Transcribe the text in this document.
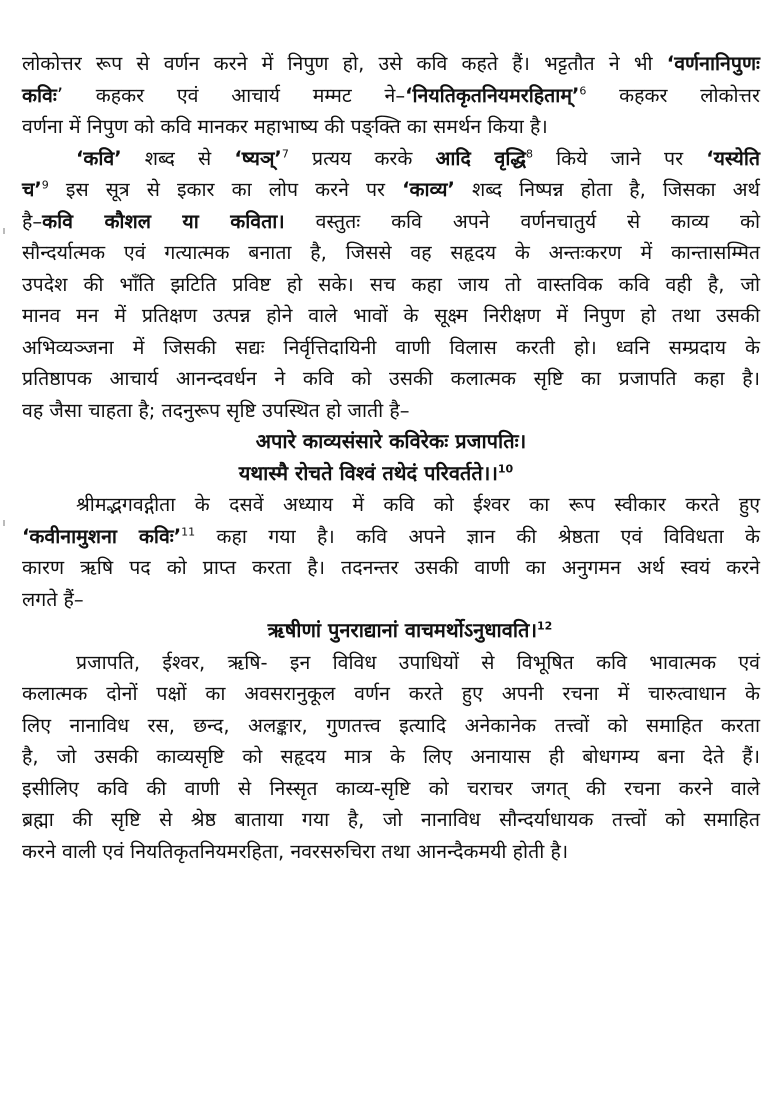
लोकोत्तर रूप से वर्णन करने में निपुण हो, उसे कवि कहते हैं। भट्टतौत ने भी ‘वर्णनानिपुणः

कविः’ कहकर एवं आचार्य मम्मट ने–‘नियतिकृतनियमरहिताम्’$^6$ कहकर लोकोत्तर

वर्णना में निपुण को कवि मानकर महाभाष्य की पङ्क्ति का समर्थन किया है।

‘कवि’ शब्द से ‘ष्यञ्’$^7$ प्रत्यय करके आदि वृद्धि$^8$ किये जाने पर ‘यस्येति

च’$^9$ इस सूत्र से इकार का लोप करने पर ‘काव्य’ शब्द निष्पन्न होता है, जिसका अर्थ

है–कवि कौशल या कविता। वस्तुतः कवि अपने वर्णनचातुर्य से काव्य को

सौन्दर्यात्मक एवं गत्यात्मक बनाता है, जिससे वह सहृदय के अन्तःकरण में कान्तासम्मित

उपदेश की भाँति झटिति प्रविष्ट हो सके। सच कहा जाय तो वास्तविक कवि वही है, जो

मानव मन में प्रतिक्षण उत्पन्न होने वाले भावों के सूक्ष्म निरीक्षण में निपुण हो तथा उसकी

अभिव्यञ्जना में जिसकी सद्यः निर्वृत्तिदायिनी वाणी विलास करती हो। ध्वनि सम्प्रदाय के

प्रतिष्ठापक आचार्य आनन्दवर्धन ने कवि को उसकी कलात्मक सृष्टि का प्रजापति कहा है।

वह जैसा चाहता है; तदनुरूप सृष्टि उपस्थित हो जाती है–

अपारे काव्यसंसारे कविरेकः प्रजापतिः।

यथास्मै रोचते विश्वं तथेदं परिवर्तते।।$^{10}$

श्रीमद्भगवद्गीता के दसवें अध्याय में कवि को ईश्वर का रूप स्वीकार करते हुए

‘कवीनामुशना कविः’$^{11}$ कहा गया है। कवि अपने ज्ञान की श्रेष्ठता एवं विविधता के

कारण ऋषि पद को प्राप्त करता है। तदनन्तर उसकी वाणी का अनुगमन अर्थ स्वयं करने

लगते हैं–

ऋषीणां पुनराद्यानां वाचमर्थोऽनुधावति।$^{12}$

प्रजापति, ईश्वर, ऋषि- इन विविध उपाधियों से विभूषित कवि भावात्मक एवं

कलात्मक दोनों पक्षों का अवसरानुकूल वर्णन करते हुए अपनी रचना में चारुत्वाधान के

लिए नानाविध रस, छन्द, अलङ्कार, गुणतत्त्व इत्यादि अनेकानेक तत्त्वों को समाहित करता

है, जो उसकी काव्यसृष्टि को सहृदय मात्र के लिए अनायास ही बोधगम्य बना देते हैं।

इसीलिए कवि की वाणी से निस्सृत काव्य-सृष्टि को चराचर जगत् की रचना करने वाले

ब्रह्मा की सृष्टि से श्रेष्ठ बाताया गया है, जो नानाविध सौन्दर्याधायक तत्त्वों को समाहित

करने वाली एवं नियतिकृतनियमरहिता, नवरसरुचिरा तथा आनन्दैकमयी होती है।
